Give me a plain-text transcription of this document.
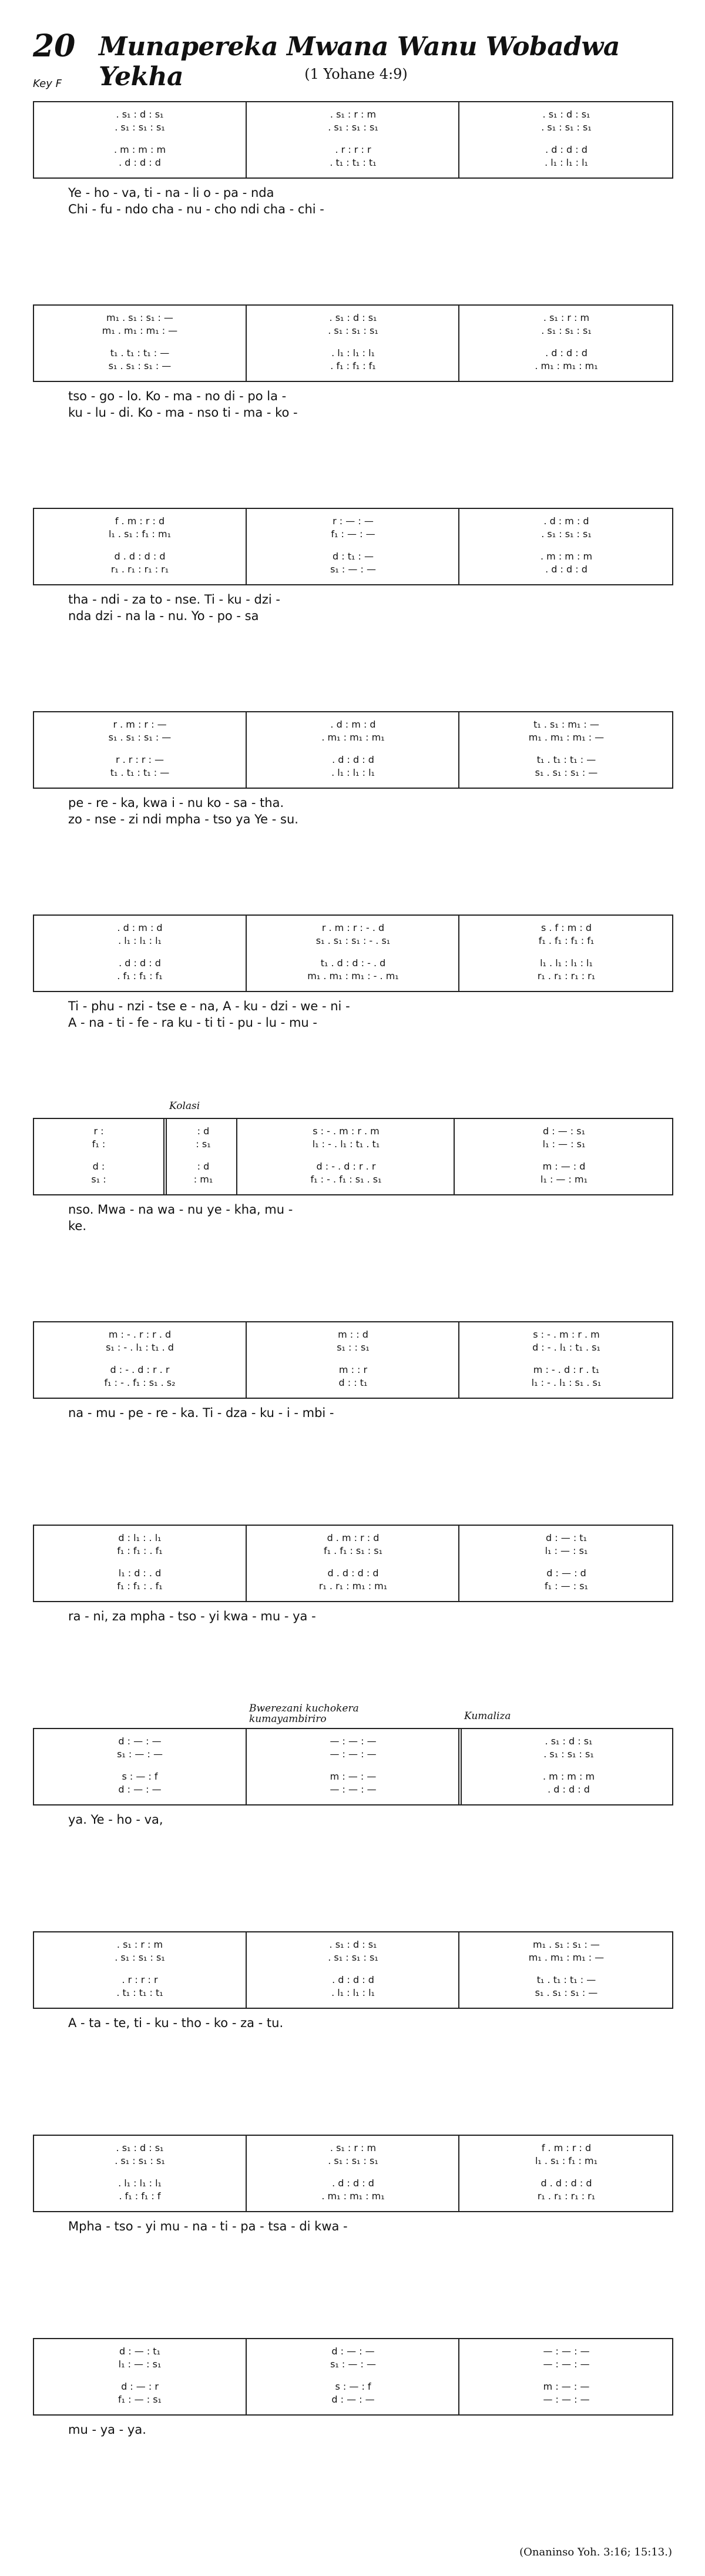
20 Munapereka Mwana Wanu Wobadwa Yekha	(1 Yohane 4:9)
Key F
. s₁ : d : s₁
. s₁ : s₁ : s₁
. m : m : m
. d : d : d
. s₁ : r : m
. s₁ : s₁ : s₁
. r : r : r
. t₁ : t₁ : t₁
. s₁ : d : s₁
. s₁ : s₁ : s₁
. d : d : d
. l₁ : l₁ : l₁
Ye - ho - va, ti - na - li o - pa - nda
Chi - fu - ndo cha - nu - cho ndi cha - chi -
m₁ . s₁ : s₁ : —
m₁ . m₁ : m₁ : —
t₁ . t₁ : t₁ : —
s₁ . s₁ : s₁ : —
. s₁ : d : s₁
. s₁ : s₁ : s₁
. l₁ : l₁ : l₁
. f₁ : f₁ : f₁
. s₁ : r : m
. s₁ : s₁ : s₁
. d : d : d
. m₁ : m₁ : m₁
tso - go - lo. Ko - ma - no di - po la -
ku - lu - di. Ko - ma - nso ti - ma - ko -
f . m : r : d
l₁ . s₁ : f₁ : m₁
d . d : d : d
r₁ . r₁ : r₁ : r₁
r : — : —
f₁ : — : —
d : t₁ : —
s₁ : — : —
. d : m : d
. s₁ : s₁ : s₁
. m : m : m
. d : d : d
tha - ndi - za to - nse. Ti - ku - dzi -
nda dzi - na la - nu. Yo - po - sa
r . m : r : —
s₁ . s₁ : s₁ : —
r . r : r : —
t₁ . t₁ : t₁ : —
. d : m : d
. m₁ : m₁ : m₁
. d : d : d
. l₁ : l₁ : l₁
t₁ . s₁ : m₁ : —
m₁ . m₁ : m₁ : —
t₁ . t₁ : t₁ : —
s₁ . s₁ : s₁ : —
pe - re - ka, kwa i - nu ko - sa - tha.
zo - nse - zi ndi mpha - tso ya Ye - su.
. d : m : d
. l₁ : l₁ : l₁
. d : d : d
. f₁ : f₁ : f₁
r . m : r : - . d
s₁ . s₁ : s₁ : - . s₁
t₁ . d : d : - . d
m₁ . m₁ : m₁ : - . m₁
s . f : m : d
f₁ . f₁ : f₁ : f₁
l₁ . l₁ : l₁ : l₁
r₁ . r₁ : r₁ : r₁
Ti - phu - nzi - tse e - na, A - ku - dzi - we - ni -
A - na - ti - fe - ra ku - ti ti - pu - lu - mu -
r :
f₁ :
d :
s₁ :
: d
: s₁
: d
: m₁
Kolasi
s : - . m : r . m
l₁ : - . l₁ : t₁ . t₁
d : - . d : r . r
f₁ : - . f₁ : s₁ . s₁
d : — : s₁
l₁ : — : s₁
m : — : d
l₁ : — : m₁
nso. Mwa - na wa - nu ye - kha, mu -
ke.
m : - . r : r . d
s₁ : - . l₁ : t₁ . d
d : - . d : r . r
f₁ : - . f₁ : s₁ . s₂
m : : d
s₁ : : s₁
m : : r
d : : t₁
s : - . m : r . m
d : - . l₁ : t₁ . s₁
m : - . d : r . t₁
l₁ : - . l₁ : s₁ . s₁
na - mu - pe - re - ka. Ti - dza - ku - i - mbi -
d : l₁ : . l₁
f₁ : f₁ : . f₁
l₁ : d : . d
f₁ : f₁ : . f₁
d . m : r : d
f₁ . f₁ : s₁ : s₁
d . d : d : d
r₁ . r₁ : m₁ : m₁
d : — : t₁
l₁ : — : s₁
d : — : d
f₁ : — : s₁
ra - ni, za mpha - tso - yi kwa - mu - ya -
d : — : —
s₁ : — : —
s : — : f
d : — : —
— : — : —
— : — : —
m : — : —
— : — : —
Bwerezani kuchokera kumayambiriro
. s₁ : d : s₁
. s₁ : s₁ : s₁
. m : m : m
. d : d : d
Kumaliza
ya. Ye - ho - va,
. s₁ : r : m
. s₁ : s₁ : s₁
. r : r : r
. t₁ : t₁ : t₁
. s₁ : d : s₁
. s₁ : s₁ : s₁
. d : d : d
. l₁ : l₁ : l₁
m₁ . s₁ : s₁ : —
m₁ . m₁ : m₁ : —
t₁ . t₁ : t₁ : —
s₁ . s₁ : s₁ : —
A - ta - te, ti - ku - tho - ko - za - tu.
. s₁ : d : s₁
. s₁ : s₁ : s₁
. l₁ : l₁ : l₁
. f₁ : f₁ : f
. s₁ : r : m
. s₁ : s₁ : s₁
. d : d : d
. m₁ : m₁ : m₁
f . m : r : d
l₁ . s₁ : f₁ : m₁
d . d : d : d
r₁ . r₁ : r₁ : r₁
Mpha - tso - yi mu - na - ti - pa - tsa - di kwa -
d : — : t₁
l₁ : — : s₁
d : — : r
f₁ : — : s₁
d : — : —
s₁ : — : —
s : — : f
d : — : —
— : — : —
— : — : —
m : — : —
— : — : —
mu - ya - ya.
(Onaninso Yoh. 3:16; 15:13.)
